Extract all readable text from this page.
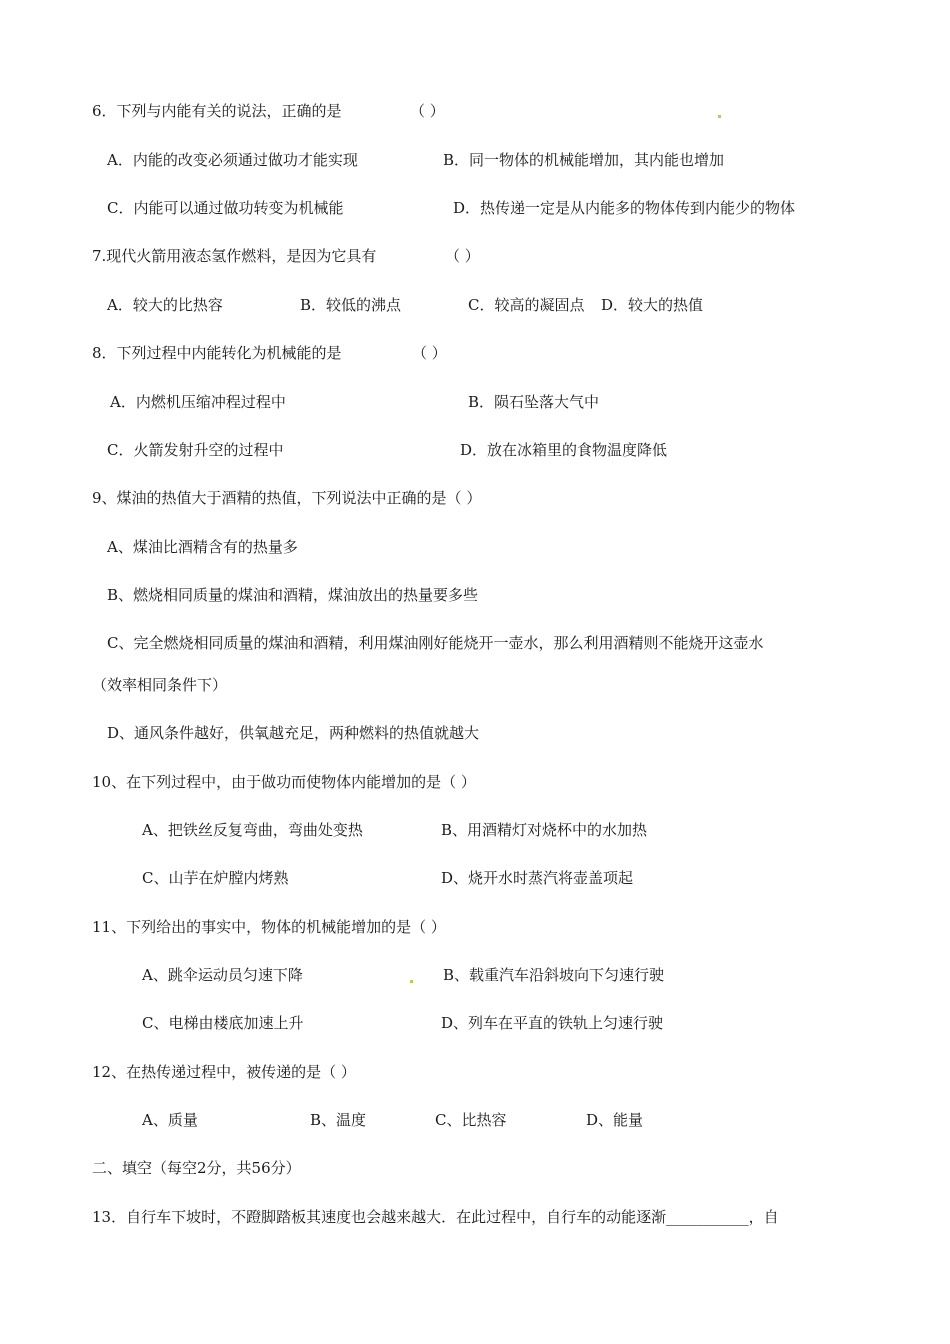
6．下列与内能有关的说法，正确的是	（ ）
A．内能的改变必须通过做功才能实现	B．同一物体的机械能增加，其内能也增加
C．内能可以通过做功转变为机械能	D．热传递一定是从内能多的物体传到内能少的物体
7.现代火箭用液态氢作燃料，是因为它具有	（ ）
A．较大的比热容	B．较低的沸点	C．较高的凝固点 D．较大的热值
8．下列过程中内能转化为机械能的是	（ ）
A．内燃机压缩冲程过程中	B．陨石坠落大气中
C．火箭发射升空的过程中	D．放在冰箱里的食物温度降低
9、煤油的热值大于酒精的热值，下列说法中正确的是（ ）
A、煤油比酒精含有的热量多
B、燃烧相同质量的煤油和酒精，煤油放出的热量要多些
C、完全燃烧相同质量的煤油和酒精，利用煤油刚好能烧开一壶水，那么利用酒精则不能烧开这壶水
（效率相同条件下）
D、通风条件越好，供氧越充足，两种燃料的热值就越大
10、在下列过程中，由于做功而使物体内能增加的是（ ）
A、把铁丝反复弯曲，弯曲处变热	B、用酒精灯对烧杯中的水加热
C、山芋在炉膛内烤熟	D、烧开水时蒸汽将壶盖项起
11、下列给出的事实中，物体的机械能增加的是（ ）
A、跳伞运动员匀速下降	B、载重汽车沿斜坡向下匀速行驶
C、电梯由楼底加速上升	D、列车在平直的铁轨上匀速行驶
12、在热传递过程中，被传递的是（ ）
A、质量	B、温度	C、比热容	D、能量
二、填空（每空2分，共56分）
13．自行车下坡时，不蹬脚踏板其速度也会越来越大．在此过程中，自行车的动能逐渐___________，自
